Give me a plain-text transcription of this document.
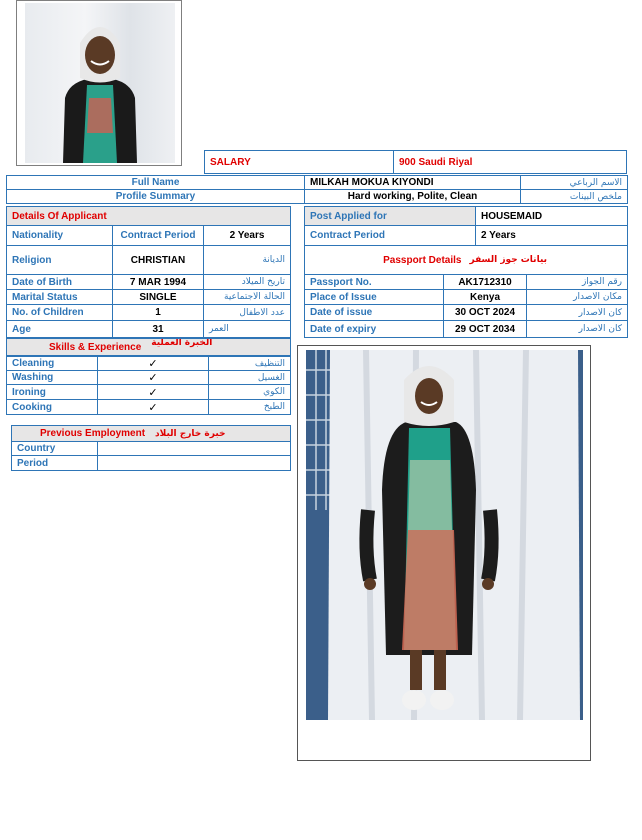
SALARY	900 Saudi Riyal
Full Name	MILKAH MOKUA KIYONDI	الاسم الرباعي
Profile Summary	Hard working, Polite, Clean	ملخص البينات
Details Of Applicant
Nationality	Contract Period	2 Years
Religion	CHRISTIAN	الديانة
Date of Birth	7 MAR 1994	تاريخ الميلاد
Marital Status	SINGLE	الحالة الاجتماعية
No. of Children	1	عدد الاطفال
Age	31	العمر
Post Applied for	HOUSEMAID
Contract Period	2 Years
Passport Details بيانات جوز السفر
Passport No.	AK1712310	رقم الجواز
Place of Issue	Kenya	مكان الاصدار
Date of issue	30 OCT 2024	كان الاصدار
Date of expiry	29 OCT 2034	كان الاصدار
Skills & Experience الخبرة العملية
Cleaning	✓	التنظيف
Washing	✓	الغسيل
Ironing	✓	الكوي
Cooking	✓	الطبخ
Previous Employment خبرة خارج البلاد
Country
Period
